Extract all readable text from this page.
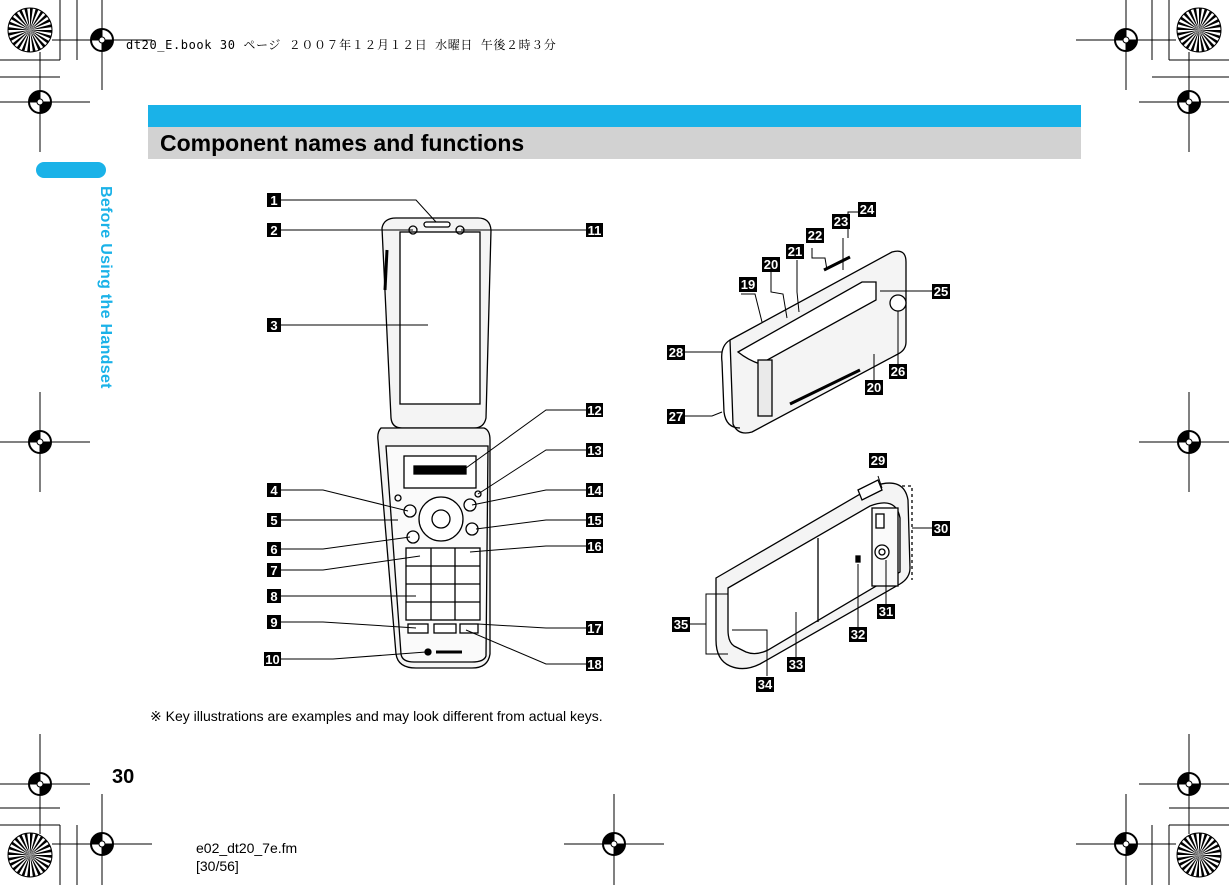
dt20_E.book 30 ページ ２００７年１２月１２日 水曜日 午後２時３分
Component names and functions
Before Using the Handset
30
※ Key illustrations are examples and may look different from actual keys.
e02_dt20_7e.fm
[30/56]
1
2
3
4
5
6
7
8
9
10
11
12
13
14
15
16
17
18
19
20
21
22
23
24
25
20
26
27
28
29
30
31
32
33
34
35
